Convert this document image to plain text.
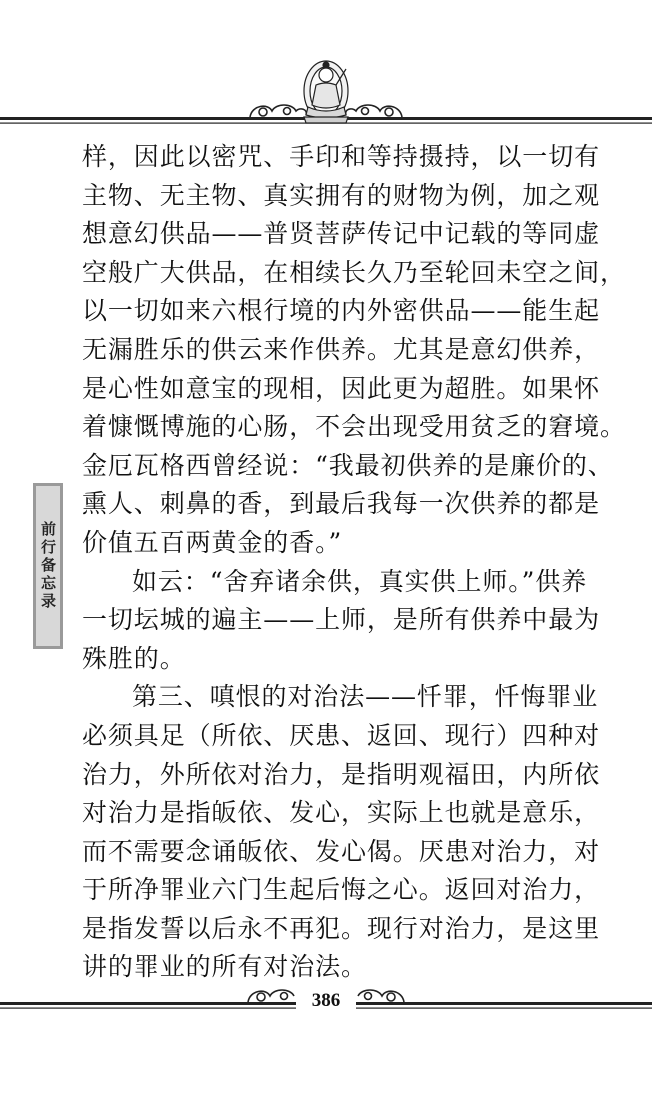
前行备忘录
样，因此以密咒、手印和等持摄持，以一切有
主物、无主物、真实拥有的财物为例，加之观
想意幻供品——普贤菩萨传记中记载的等同虚
空般广大供品，在相续长久乃至轮回未空之间，
以一切如来六根行境的内外密供品——能生起
无漏胜乐的供云来作供养。尤其是意幻供养，
是心性如意宝的现相，因此更为超胜。如果怀
着慷慨博施的心肠，不会出现受用贫乏的窘境。
金厄瓦格西曾经说：“我最初供养的是廉价的、
熏人、刺鼻的香，到最后我每一次供养的都是
价值五百两黄金的香。”
如云：“舍弃诸余供，真实供上师。”供养
一切坛城的遍主——上师，是所有供养中最为
殊胜的。
第三、嗔恨的对治法——忏罪，忏悔罪业
必须具足（所依、厌患、返回、现行）四种对
治力，外所依对治力，是指明观福田，内所依
对治力是指皈依、发心，实际上也就是意乐，
而不需要念诵皈依、发心偈。厌患对治力，对
于所净罪业六门生起后悔之心。返回对治力，
是指发誓以后永不再犯。现行对治力，是这里
讲的罪业的所有对治法。
386
